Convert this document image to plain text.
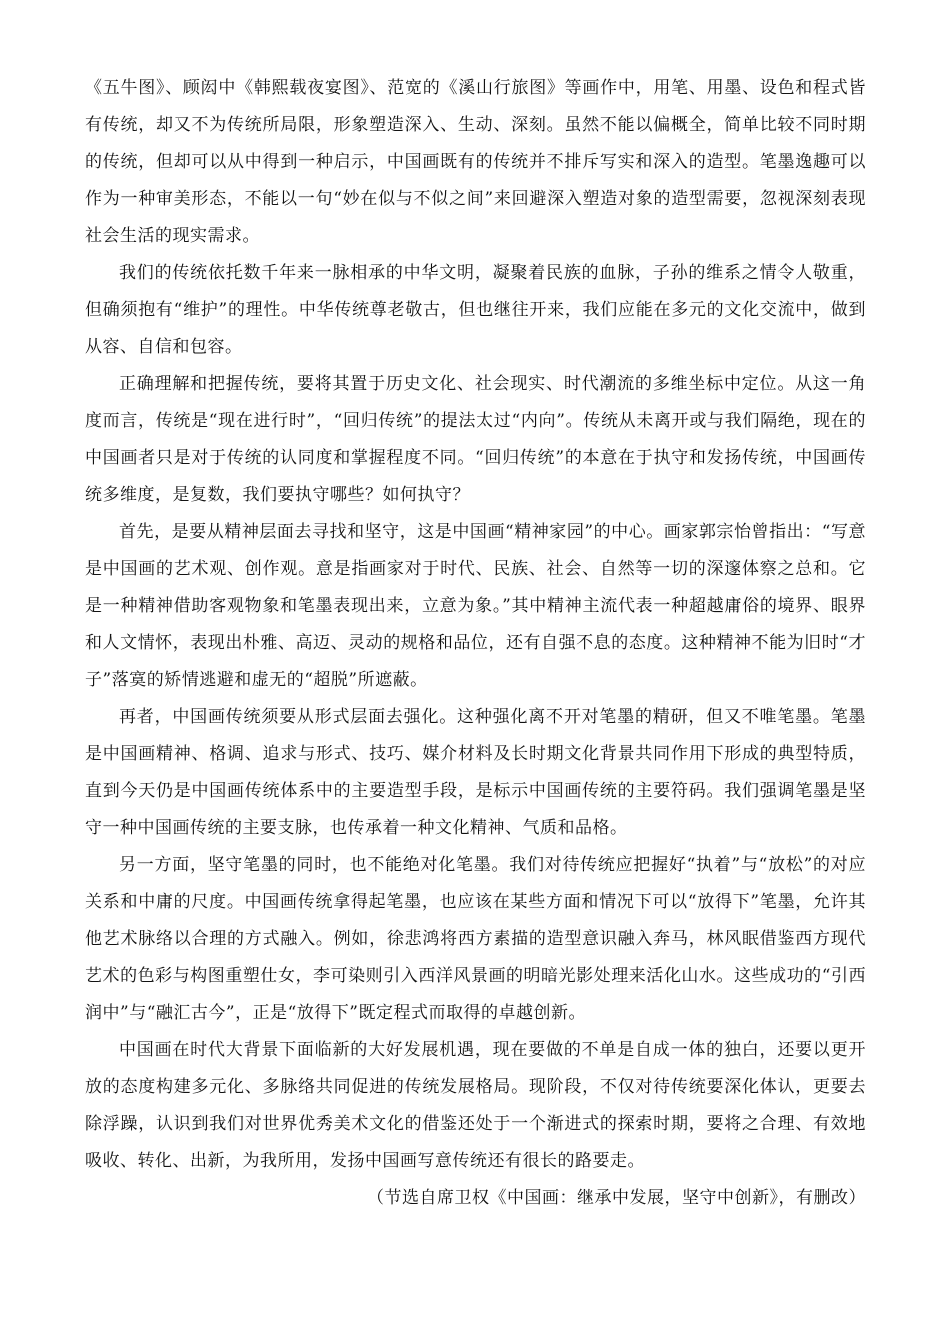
《五牛图》、顾闳中《韩熙载夜宴图》、范宽的《溪山行旅图》等画作中，用笔、用墨、设色和程式皆有传统，却又不为传统所局限，形象塑造深入、生动、深刻。虽然不能以偏概全，简单比较不同时期的传统，但却可以从中得到一种启示，中国画既有的传统并不排斥写实和深入的造型。笔墨逸趣可以作为一种审美形态，不能以一句“妙在似与不似之间”来回避深入塑造对象的造型需要，忽视深刻表现社会生活的现实需求。

我们的传统依托数千年来一脉相承的中华文明，凝聚着民族的血脉，子孙的维系之情令人敬重，但确须抱有“维护”的理性。中华传统尊老敬古，但也继往开来，我们应能在多元的文化交流中，做到从容、自信和包容。

正确理解和把握传统，要将其置于历史文化、社会现实、时代潮流的多维坐标中定位。从这一角度而言，传统是“现在进行时”，“回归传统”的提法太过“内向”。传统从未离开或与我们隔绝，现在的中国画者只是对于传统的认同度和掌握程度不同。“回归传统”的本意在于执守和发扬传统，中国画传统多维度，是复数，我们要执守哪些？如何执守？

首先，是要从精神层面去寻找和坚守，这是中国画“精神家园”的中心。画家郭宗怡曾指出：“写意是中国画的艺术观、创作观。意是指画家对于时代、民族、社会、自然等一切的深邃体察之总和。它是一种精神借助客观物象和笔墨表现出来，立意为象。”其中精神主流代表一种超越庸俗的境界、眼界和人文情怀，表现出朴雅、高迈、灵动的规格和品位，还有自强不息的态度。这种精神不能为旧时“才子”落寞的矫情逃避和虚无的“超脱”所遮蔽。

再者，中国画传统须要从形式层面去强化。这种强化离不开对笔墨的精研，但又不唯笔墨。笔墨是中国画精神、格调、追求与形式、技巧、媒介材料及长时期文化背景共同作用下形成的典型特质，直到今天仍是中国画传统体系中的主要造型手段，是标示中国画传统的主要符码。我们强调笔墨是坚守一种中国画传统的主要支脉，也传承着一种文化精神、气质和品格。

另一方面，坚守笔墨的同时，也不能绝对化笔墨。我们对待传统应把握好“执着”与“放松”的对应关系和中庸的尺度。中国画传统拿得起笔墨，也应该在某些方面和情况下可以“放得下”笔墨，允许其他艺术脉络以合理的方式融入。例如，徐悲鸿将西方素描的造型意识融入奔马，林风眠借鉴西方现代艺术的色彩与构图重塑仕女，李可染则引入西洋风景画的明暗光影处理来活化山水。这些成功的“引西润中”与“融汇古今”，正是“放得下”既定程式而取得的卓越创新。

中国画在时代大背景下面临新的大好发展机遇，现在要做的不单是自成一体的独白，还要以更开放的态度构建多元化、多脉络共同促进的传统发展格局。现阶段，不仅对待传统要深化体认，更要去除浮躁，认识到我们对世界优秀美术文化的借鉴还处于一个渐进式的探索时期，要将之合理、有效地吸收、转化、出新，为我所用，发扬中国画写意传统还有很长的路要走。

（节选自席卫权《中国画：继承中发展，坚守中创新》，有删改）
